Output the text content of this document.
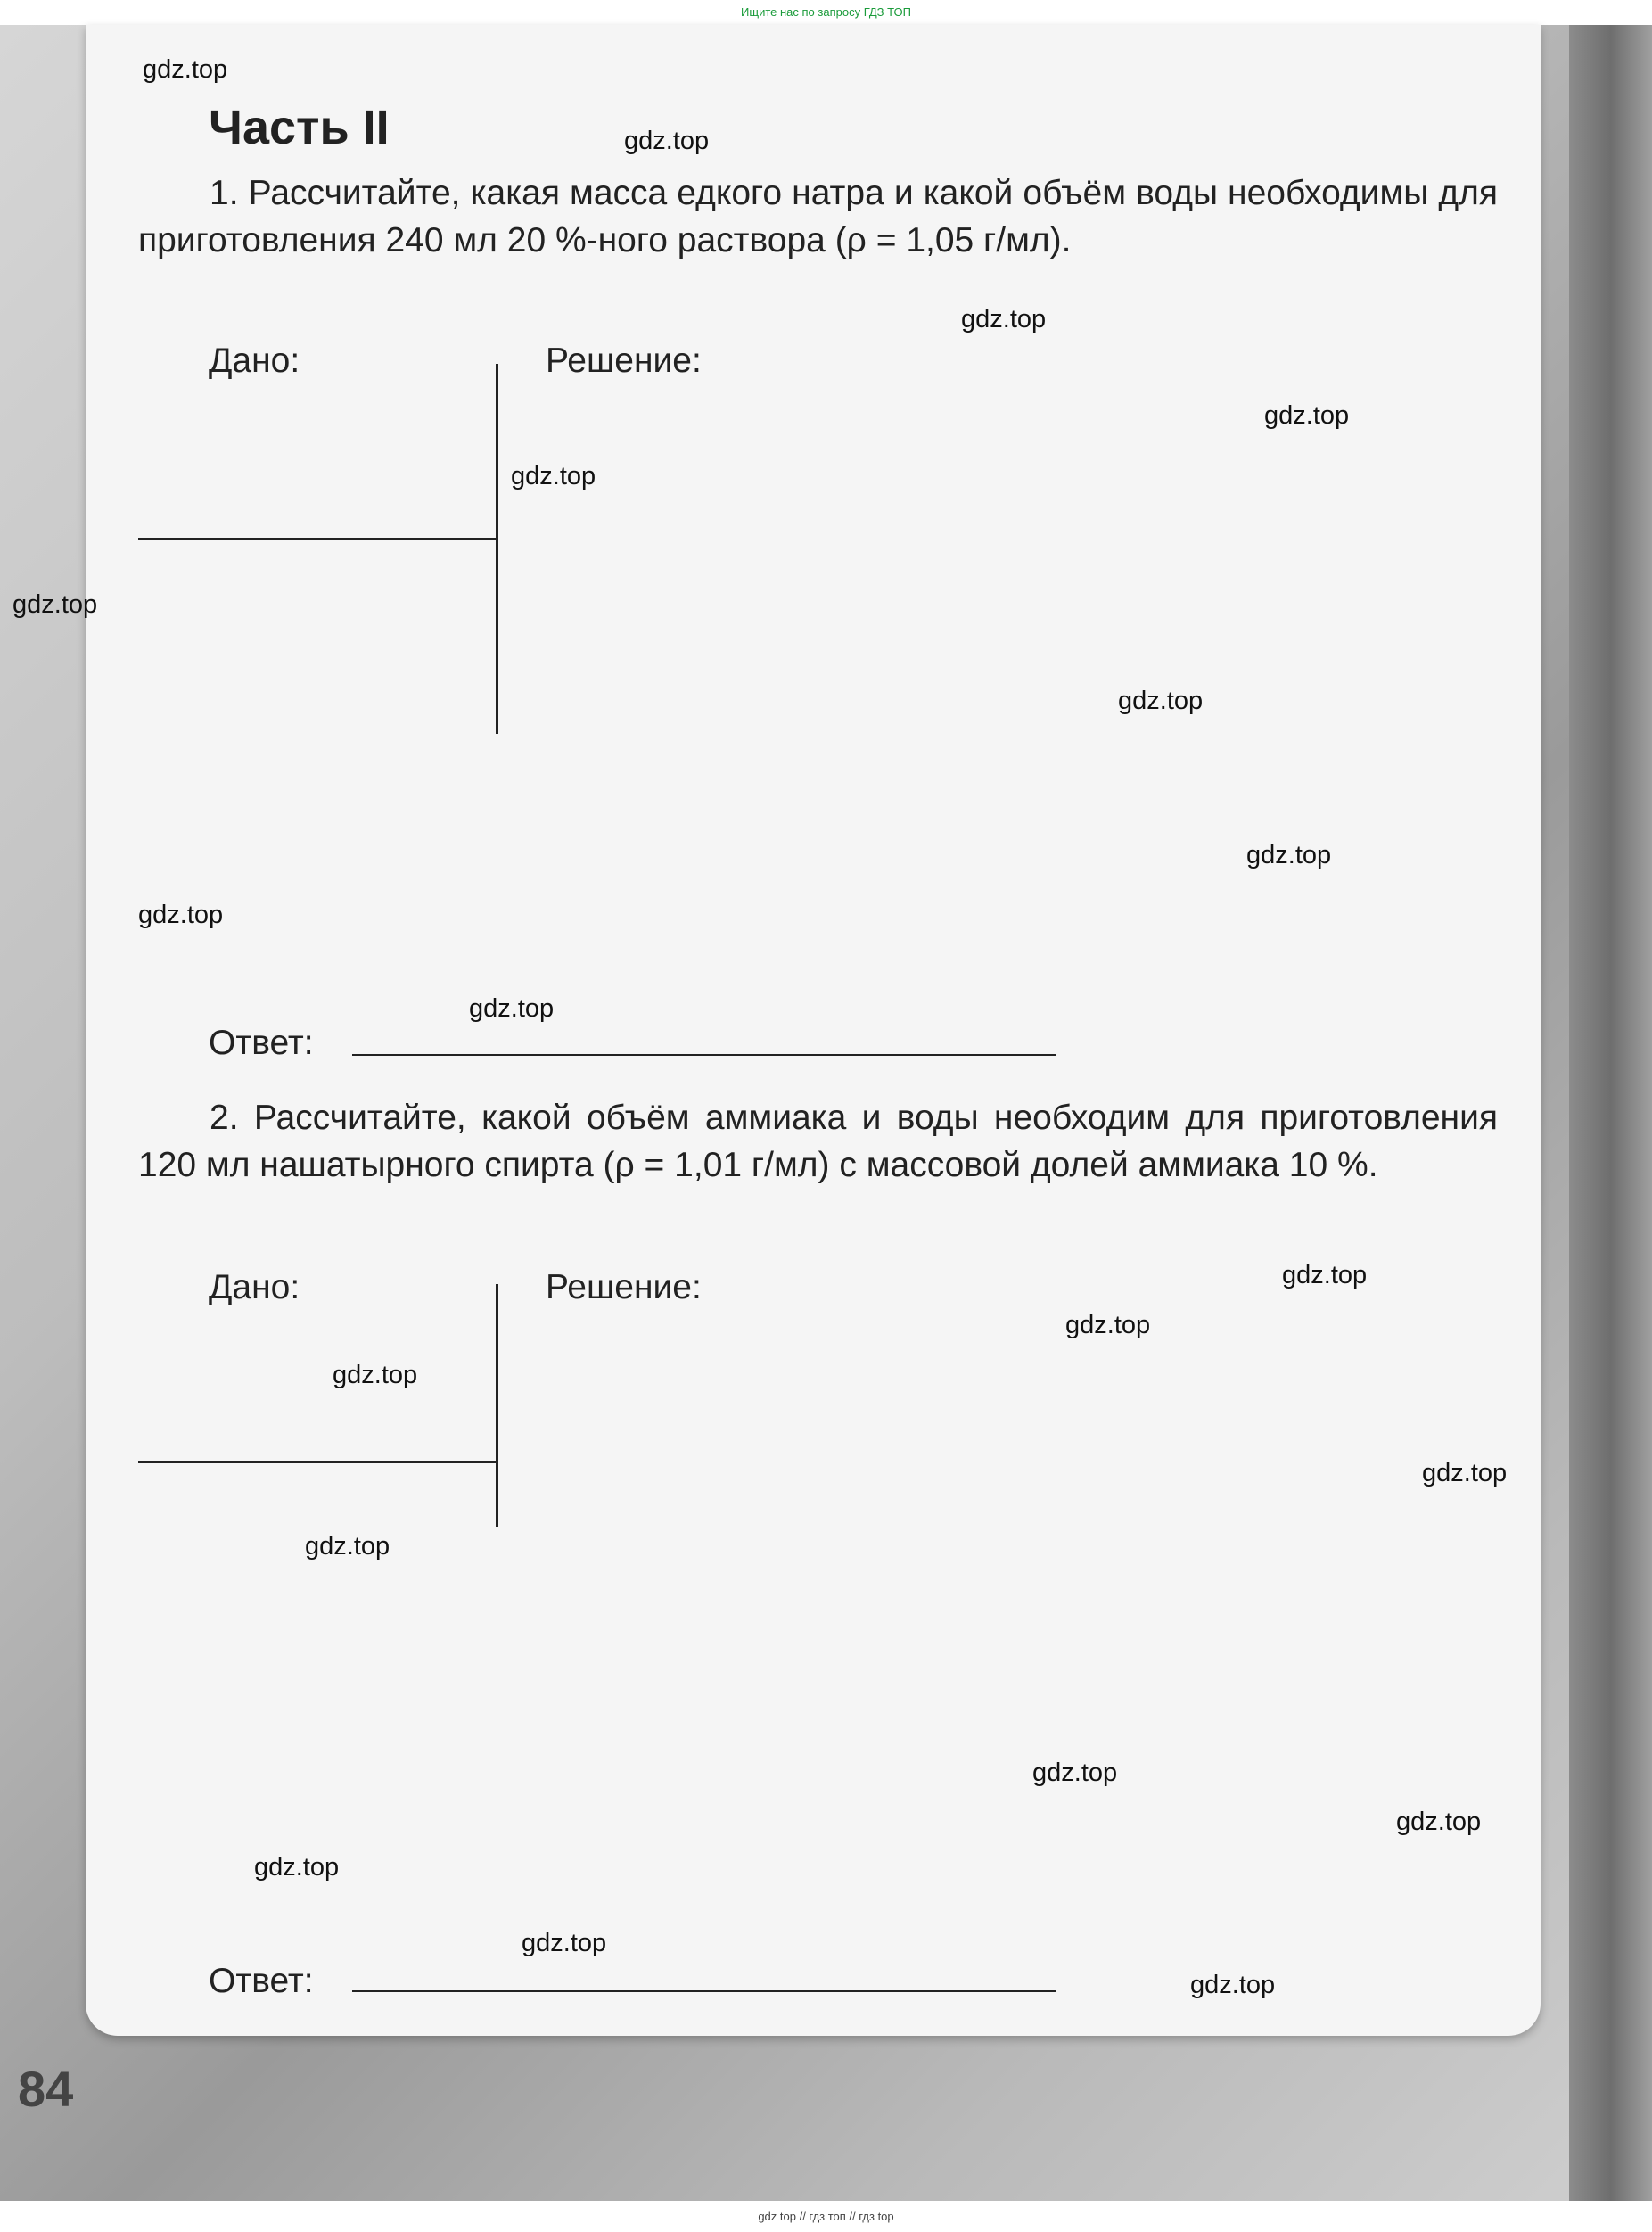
Ищите нас по запросу ГДЗ ТОП
Часть II
1. Рассчитайте, какая масса едкого натра и какой объём воды необходимы для приготовления 240 мл 20 %-ного раствора (ρ = 1,05 г/мл).
Дано:	Решение:
Ответ:
2. Рассчитайте, какой объём аммиака и воды необходим для приготовления 120 мл нашатырного спирта (ρ = 1,01 г/мл) с массовой долей аммиака 10 %.
Дано:	Решение:
Ответ:
84
gdz.top
gdz.top
gdz.top
gdz.top
gdz.top
gdz.top
gdz.top
gdz.top
gdz.top
gdz.top
gdz.top
gdz.top
gdz.top
gdz.top
gdz.top
gdz.top
gdz.top
gdz.top
gdz.top
gdz.top
gdz top // гдз топ // гдз top
